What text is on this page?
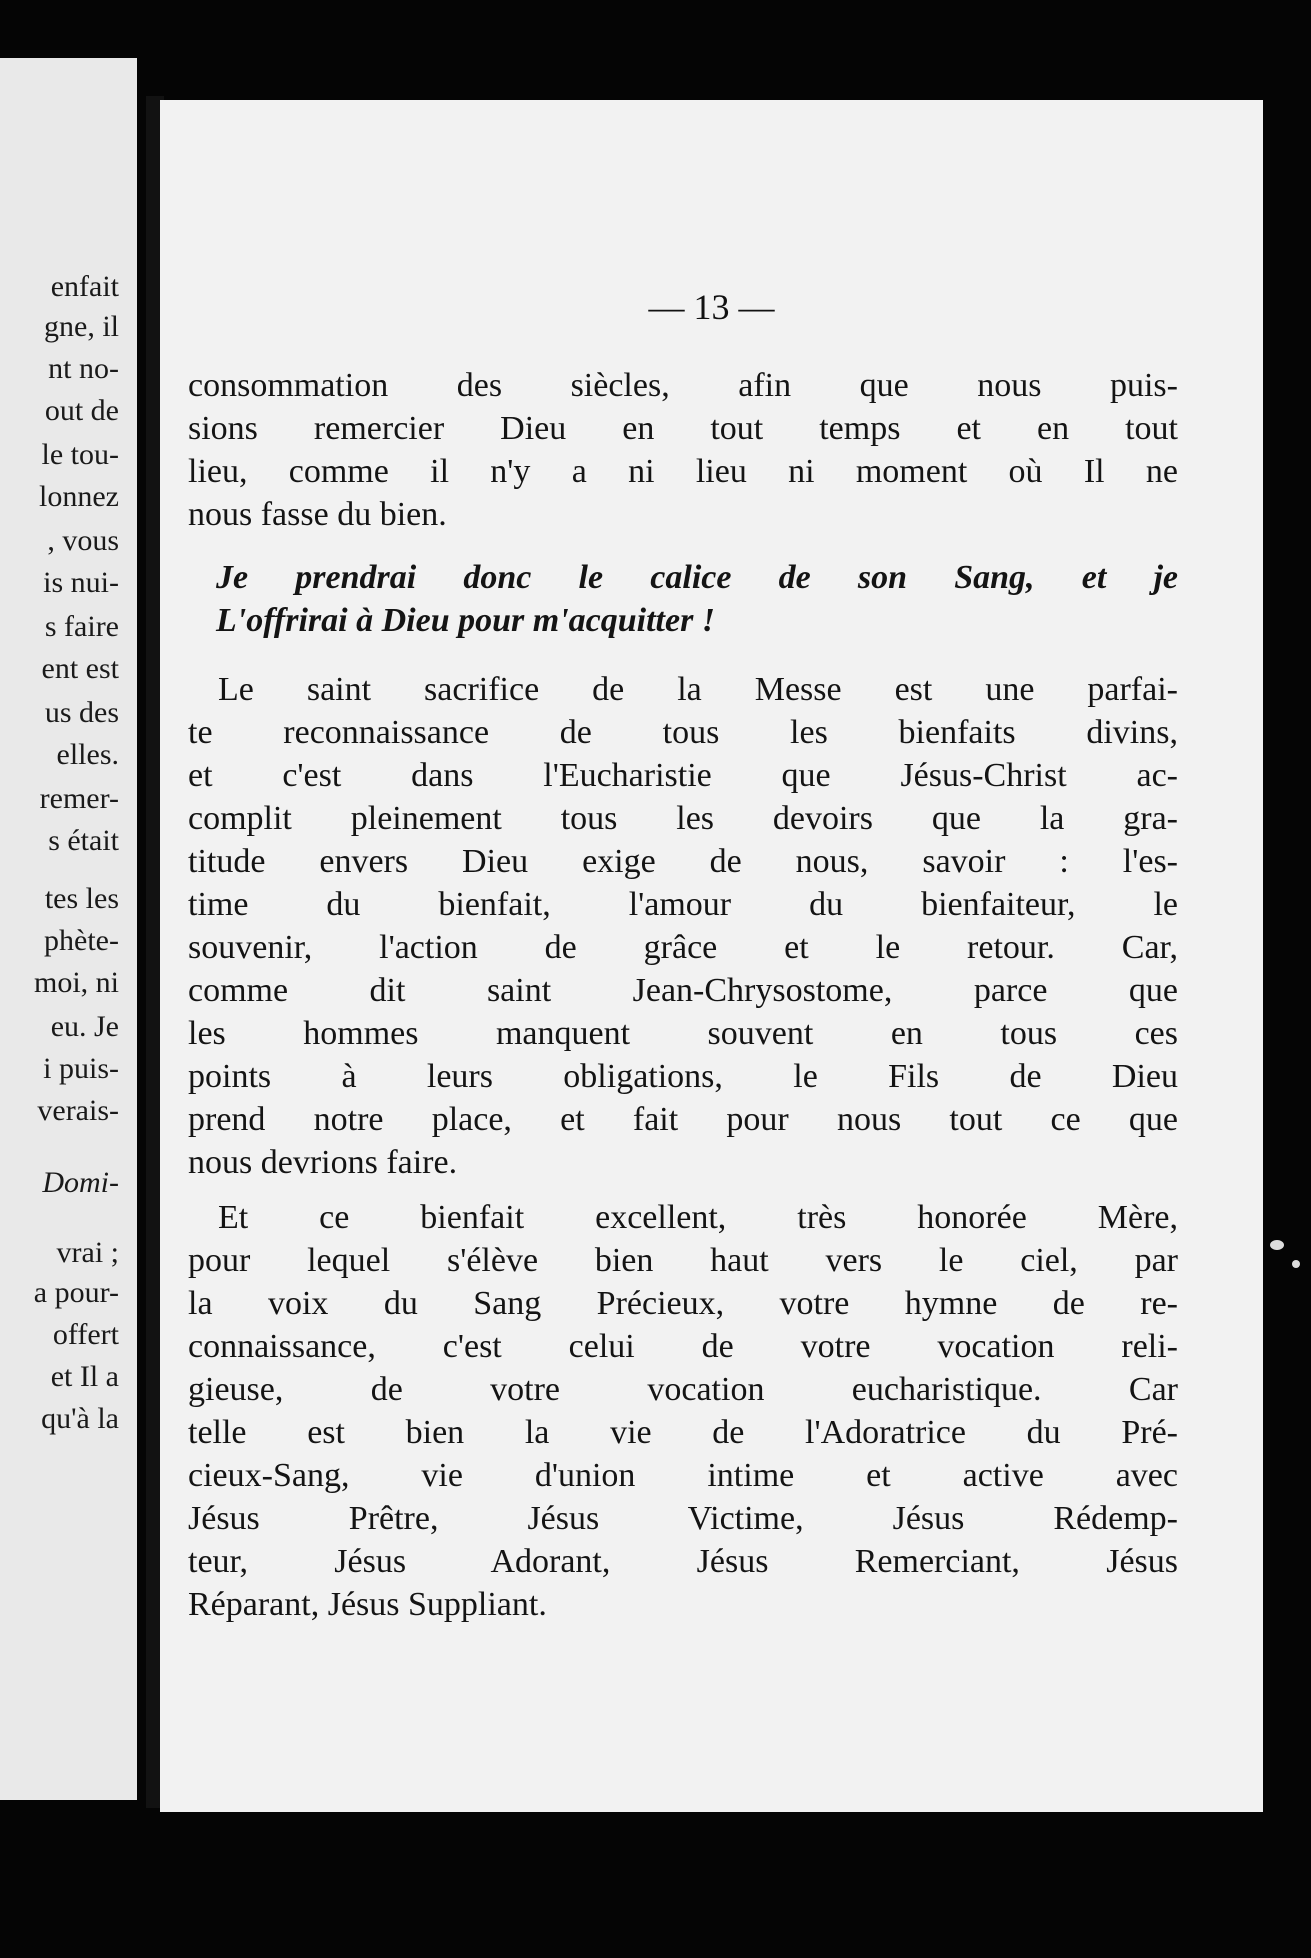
enfait
gne, il
nt no-
out de
le tou-
lonnez
, vous
is nui-
s faire
ent est
us des
elles.
remer-
s était
tes les
phète-
moi, ni
eu. Je
i puis-
verais-
Domi-
vrai ;
a pour-
offert
et Il a
qu'à la
— 13 —
consommation des siècles, afin que nous puis-
sions remercier Dieu en tout temps et en tout
lieu, comme il n'y a ni lieu ni moment où Il ne
nous fasse du bien.
Je prendrai donc le calice de son Sang, et je
L'offrirai à Dieu pour m'acquitter !
Le saint sacrifice de la Messe est une parfai-
te reconnaissance de tous les bienfaits divins,
et c'est dans l'Eucharistie que Jésus-Christ ac-
complit pleinement tous les devoirs que la gra-
titude envers Dieu exige de nous, savoir : l'es-
time du bienfait, l'amour du bienfaiteur, le
souvenir, l'action de grâce et le retour. Car,
comme dit saint Jean-Chrysostome, parce que
les hommes manquent souvent en tous ces
points à leurs obligations, le Fils de Dieu
prend notre place, et fait pour nous tout ce que
nous devrions faire.
Et ce bienfait excellent, très honorée Mère,
pour lequel s'élève bien haut vers le ciel, par
la voix du Sang Précieux, votre hymne de re-
connaissance, c'est celui de votre vocation reli-
gieuse, de votre vocation eucharistique. Car
telle est bien la vie de l'Adoratrice du Pré-
cieux-Sang, vie d'union intime et active avec
Jésus Prêtre, Jésus Victime, Jésus Rédemp-
teur, Jésus Adorant, Jésus Remerciant, Jésus
Réparant, Jésus Suppliant.
